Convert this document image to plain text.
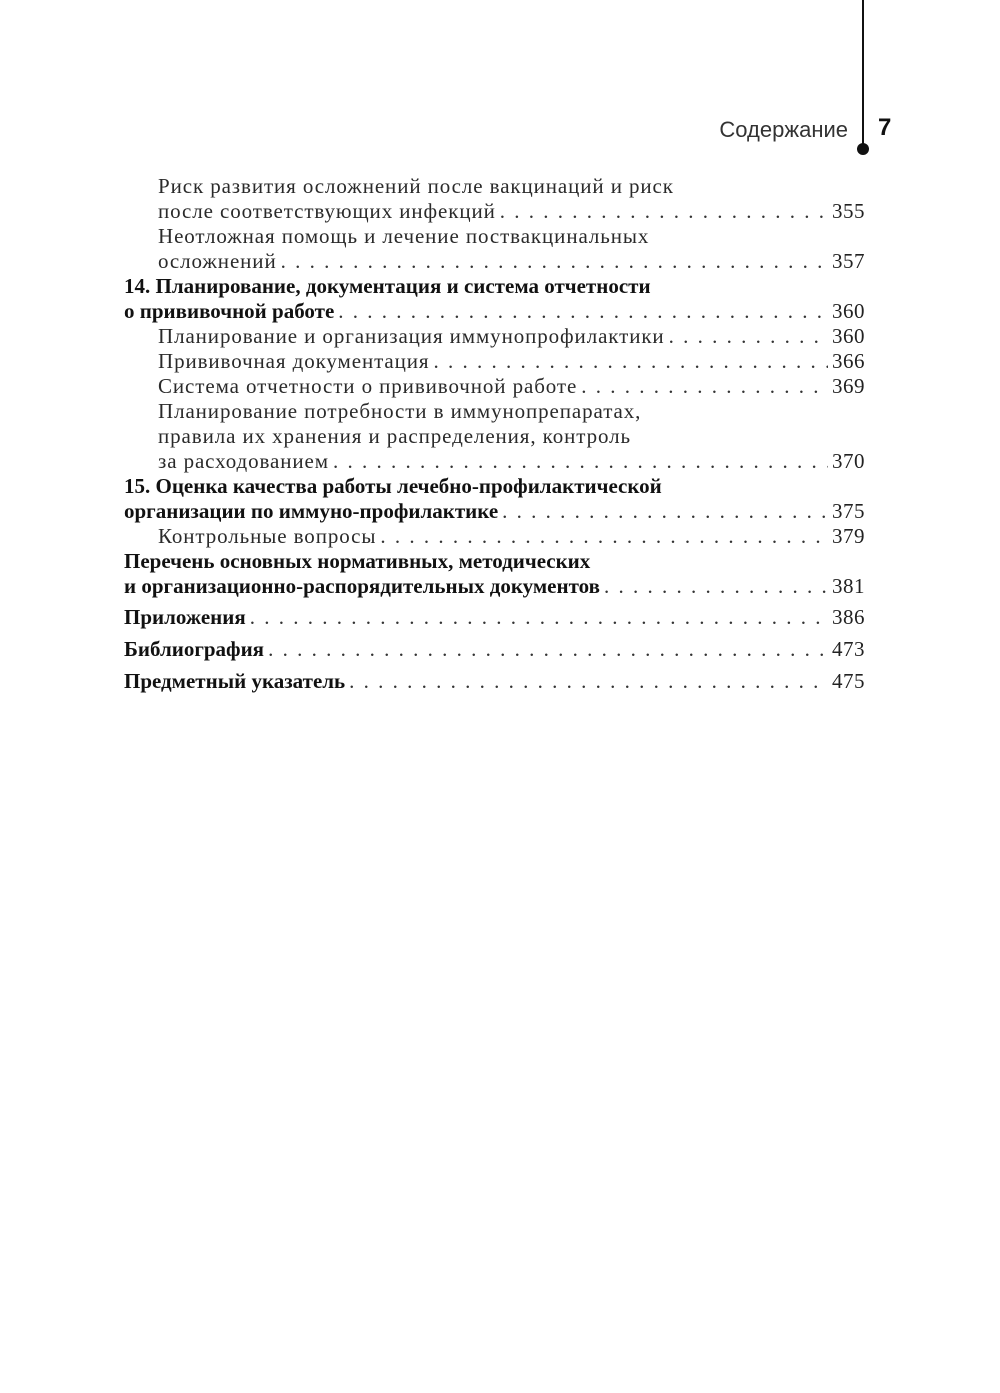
Содержание 7
Риск развития осложнений после вакцинаций и риск
после соответствующих инфекций . . .	355
Неотложная помощь и лечение поствакцинальных
осложнений . . .	357
14. Планирование, документация и система отчетности
о прививочной работе . . .	360
Планирование и организация иммунопрофилактики . . .	360
Прививочная документация . . .	366
Система отчетности о прививочной работе . . .	369
Планирование потребности в иммунопрепаратах,
правила их хранения и распределения, контроль
за расходованием . . .	370
15. Оценка качества работы лечебно-профилактической
организации по иммуно-профилактике . . .	375
Контрольные вопросы . . .	379
Перечень основных нормативных, методических
и организационно-распорядительных документов . . .	381
Приложения . . .	386
Библиография . . .	473
Предметный указатель . . .	475
